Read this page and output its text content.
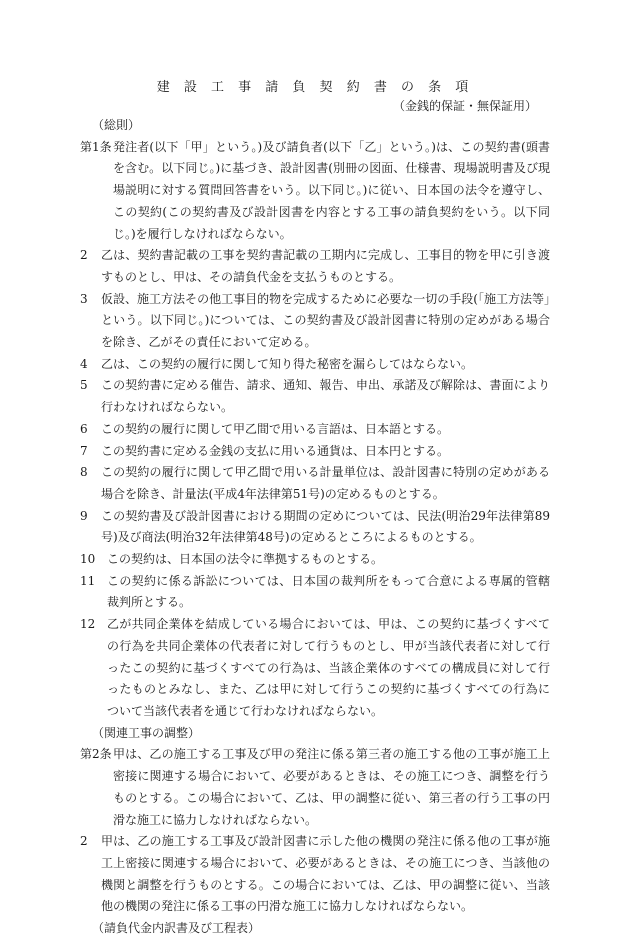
建 設 工 事 請 負 契 約 書 の 条 項
（金銭的保証・無保証用）
（総則）
第1条 発注者(以下「甲」という。)及び請負者(以下「乙」という。)は、この契約書(頭書を含む。以下同じ。)に基づき、設計図書(別冊の図面、仕様書、現場説明書及び現場説明に対する質問回答書をいう。以下同じ。)に従い、日本国の法令を遵守し、この契約(この契約書及び設計図書を内容とする工事の請負契約をいう。以下同じ。)を履行しなければならない。
2	乙は、契約書記載の工事を契約書記載の工期内に完成し、工事目的物を甲に引き渡すものとし、甲は、その請負代金を支払うものとする。
3	仮設、施工方法その他工事目的物を完成するために必要な一切の手段(「施工方法等」という。以下同じ。)については、この契約書及び設計図書に特別の定めがある場合を除き、乙がその責任において定める。
4	乙は、この契約の履行に関して知り得た秘密を漏らしてはならない。
5	この契約書に定める催告、請求、通知、報告、申出、承諾及び解除は、書面により行わなければならない。
6	この契約の履行に関して甲乙間で用いる言語は、日本語とする。
7	この契約書に定める金銭の支払に用いる通貨は、日本円とする。
8	この契約の履行に関して甲乙間で用いる計量単位は、設計図書に特別の定めがある場合を除き、計量法(平成4年法律第51号)の定めるものとする。
9	この契約書及び設計図書における期間の定めについては、民法(明治29年法律第89号)及び商法(明治32年法律第48号)の定めるところによるものとする。
10 この契約は、日本国の法令に準拠するものとする。
11 この契約に係る訴訟については、日本国の裁判所をもって合意による専属的管轄裁判所とする。
12 乙が共同企業体を結成している場合においては、甲は、この契約に基づくすべての行為を共同企業体の代表者に対して行うものとし、甲が当該代表者に対して行ったこの契約に基づくすべての行為は、当該企業体のすべての構成員に対して行ったものとみなし、また、乙は甲に対して行うこの契約に基づくすべての行為について当該代表者を通じて行わなければならない。
（関連工事の調整）
第2条 甲は、乙の施工する工事及び甲の発注に係る第三者の施工する他の工事が施工上密接に関連する場合において、必要があるときは、その施工につき、調整を行うものとする。この場合において、乙は、甲の調整に従い、第三者の行う工事の円滑な施工に協力しなければならない。
2	甲は、乙の施工する工事及び設計図書に示した他の機関の発注に係る他の工事が施工上密接に関連する場合において、必要があるときは、その施工につき、当該他の機関と調整を行うものとする。この場合においては、乙は、甲の調整に従い、当該他の機関の発注に係る工事の円滑な施工に協力しなければならない。
（請負代金内訳書及び工程表）
